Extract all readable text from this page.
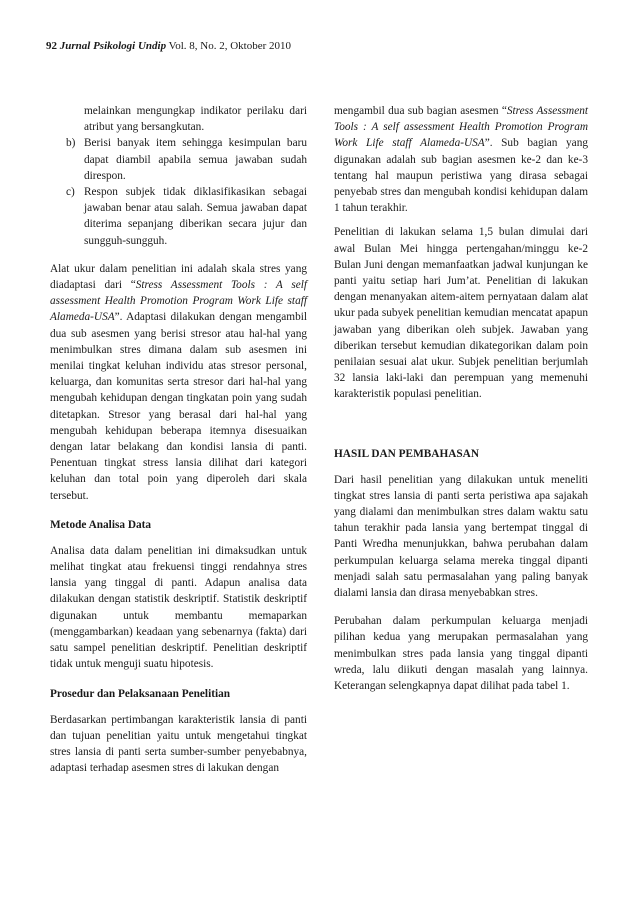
92 Jurnal Psikologi Undip Vol. 8, No. 2, Oktober 2010
melainkan mengungkap indikator perilaku dari atribut yang bersangkutan.
b) Berisi banyak item sehingga kesimpulan baru dapat diambil apabila semua jawaban sudah direspon.
c) Respon subjek tidak diklasifikasikan sebagai jawaban benar atau salah. Semua jawaban dapat diterima sepanjang diberikan secara jujur dan sungguh-sungguh.

Alat ukur dalam penelitian ini adalah skala stres yang diadaptasi dari “Stress Assessment Tools : A self assessment Health Promotion Program Work Life staff Alameda-USA”. Adaptasi dilakukan dengan mengambil dua sub asesmen yang berisi stresor atau hal-hal yang menimbulkan stres dimana dalam sub asesmen ini menilai tingkat keluhan individu atas stresor personal, keluarga, dan komunitas serta stresor dari hal-hal yang mengubah kehidupan dengan tingkatan poin yang sudah ditetapkan. Stresor yang berasal dari hal-hal yang mengubah kehidupan beberapa itemnya disesuaikan dengan latar belakang dan kondisi lansia di panti. Penentuan tingkat stress lansia dilihat dari kategori keluhan dan total poin yang diperoleh dari skala tersebut.

Metode Analisa Data

Analisa data dalam penelitian ini dimaksudkan untuk melihat tingkat atau frekuensi tinggi rendahnya stres lansia yang tinggal di panti. Adapun analisa data dilakukan dengan statistik deskriptif. Statistik deskriptif digunakan untuk membantu memaparkan (menggambarkan) keadaan yang sebenarnya (fakta) dari satu sampel penelitian deskriptif. Penelitian deskriptif tidak untuk menguji suatu hipotesis.

Prosedur dan Pelaksanaan Penelitian

Berdasarkan pertimbangan karakteristik lansia di panti dan tujuan penelitian yaitu untuk mengetahui tingkat stres lansia di panti serta sumber-sumber penyebabnya, adaptasi terhadap asesmen stres di lakukan dengan

mengambil dua sub bagian asesmen “Stress Assessment Tools : A self assessment Health Promotion Program Work Life staff Alameda-USA”. Sub bagian yang digunakan adalah sub bagian asesmen ke-2 dan ke-3 tentang hal maupun peristiwa yang dirasa sebagai penyebab stres dan mengubah kondisi kehidupan dalam 1 tahun terakhir.

Penelitian di lakukan selama 1,5 bulan dimulai dari awal Bulan Mei hingga pertengahan/minggu ke-2 Bulan Juni dengan memanfaatkan jadwal kunjungan ke panti yaitu setiap hari Jum’at. Penelitian di lakukan dengan menanyakan aitem-aitem pernyataan dalam alat ukur pada subyek penelitian kemudian mencatat apapun jawaban yang diberikan oleh subjek. Jawaban yang diberikan tersebut kemudian dikategorikan dalam poin penilaian sesuai alat ukur. Subjek penelitian berjumlah 32 lansia laki-laki dan perempuan yang memenuhi karakteristik populasi penelitian.

HASIL DAN PEMBAHASAN

Dari hasil penelitian yang dilakukan untuk meneliti tingkat stres lansia di panti serta peristiwa apa sajakah yang dialami dan menimbulkan stres dalam waktu satu tahun terakhir pada lansia yang bertempat tinggal di Panti Wredha menunjukkan, bahwa perubahan dalam perkumpulan keluarga selama mereka tinggal dipanti menjadi salah satu permasalahan yang paling banyak dialami lansia dan dirasa menyebabkan stres.

Perubahan dalam perkumpulan keluarga menjadi pilihan kedua yang merupakan permasalahan yang menimbulkan stres pada lansia yang tinggal dipanti wreda, lalu diikuti dengan masalah yang lainnya. Keterangan selengkapnya dapat dilihat pada tabel 1.
